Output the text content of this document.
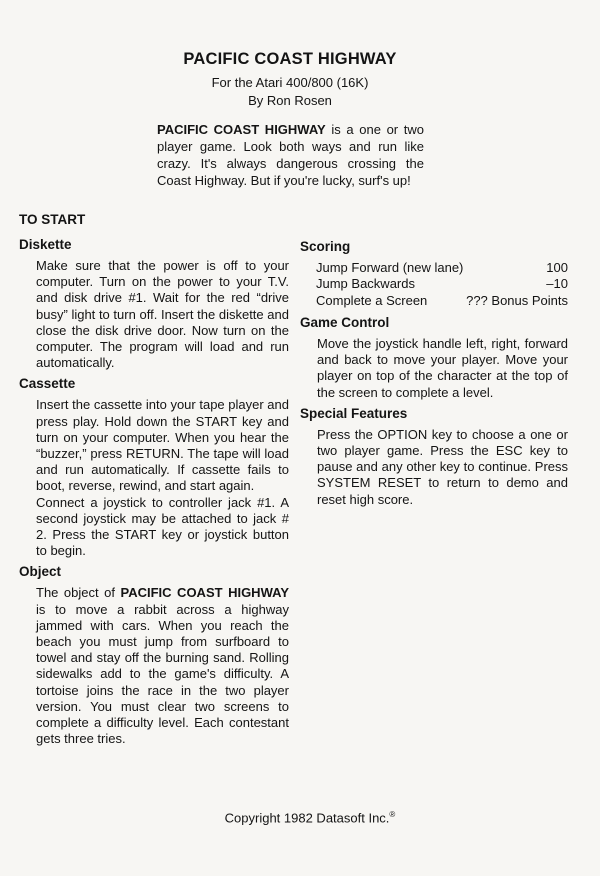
PACIFIC COAST HIGHWAY
For the Atari 400/800 (16K)
By Ron Rosen
PACIFIC COAST HIGHWAY is a one or two player game. Look both ways and run like crazy. It's always dangerous crossing the Coast Highway. But if you're lucky, surf's up!
TO START
Diskette
Make sure that the power is off to your computer. Turn on the power to your T.V. and disk drive #1. Wait for the red “drive busy” light to turn off. Insert the diskette and close the disk drive door. Now turn on the computer. The program will load and run automatically.
Cassette
Insert the cassette into your tape player and press play. Hold down the START key and turn on your computer. When you hear the “buzzer,” press RETURN. The tape will load and run automatically. If cassette fails to boot, reverse, rewind, and start again.
Connect a joystick to controller jack #1. A second joystick may be attached to jack # 2. Press the START key or joystick button to begin.
Object
The object of PACIFIC COAST HIGHWAY is to move a rabbit across a highway jammed with cars. When you reach the beach you must jump from surfboard to towel and stay off the burning sand. Rolling sidewalks add to the game's difficulty. A tortoise joins the race in the two player version. You must clear two screens to complete a difficulty level. Each contestant gets three tries.
Scoring
Jump Forward (new lane)	100
Jump Backwards	–10
Complete a Screen	??? Bonus Points
Game Control
Move the joystick handle left, right, forward and back to move your player. Move your player on top of the character at the top of the screen to complete a level.
Special Features
Press the OPTION key to choose a one or two player game. Press the ESC key to pause and any other key to continue. Press SYSTEM RESET to return to demo and reset high score.
Copyright 1982 Datasoft Inc.®
